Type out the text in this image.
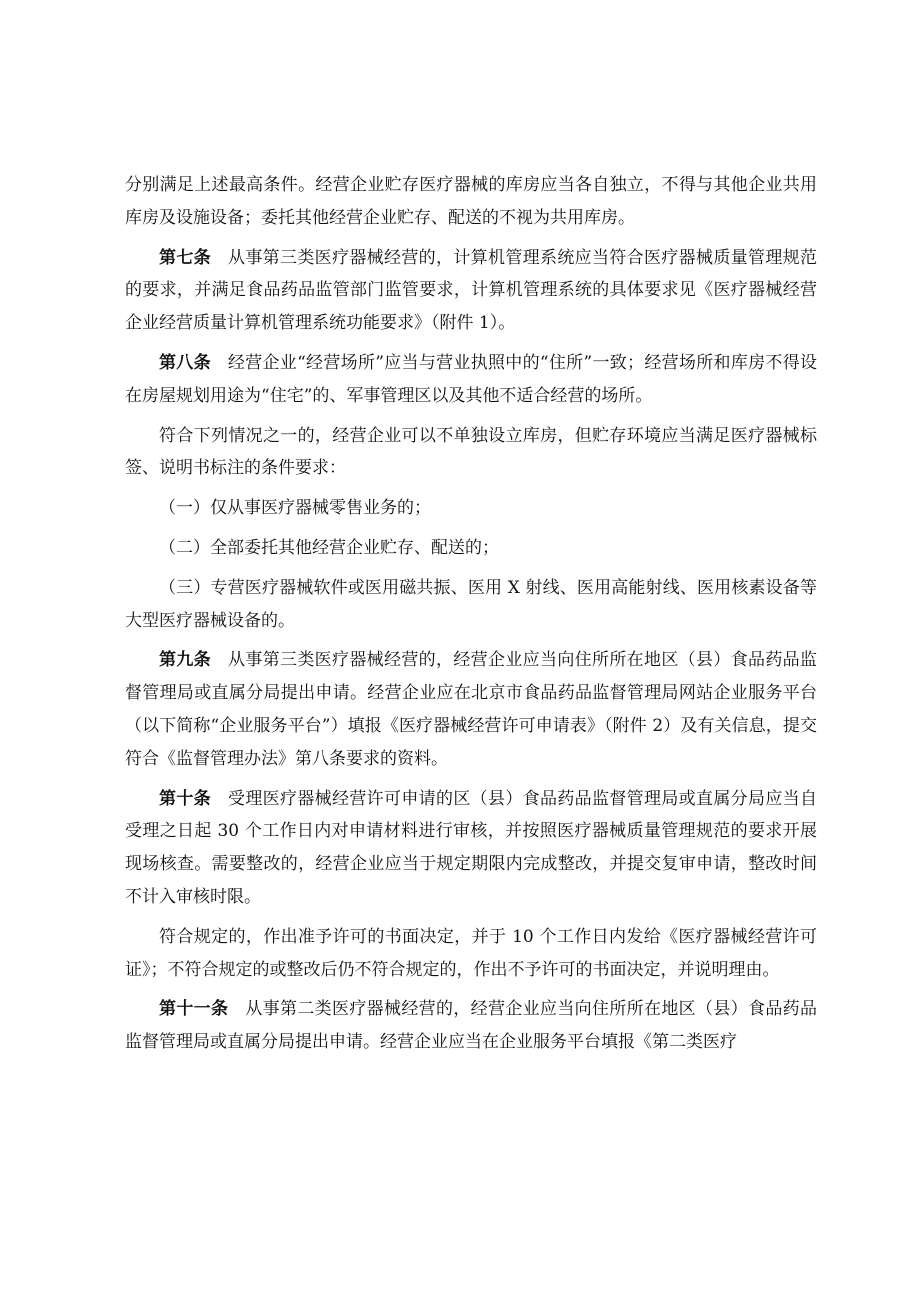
分别满足上述最高条件。经营企业贮存医疗器械的库房应当各自独立，不得与其他企业共用库房及设施设备；委托其他经营企业贮存、配送的不视为共用库房。

第七条 从事第三类医疗器械经营的，计算机管理系统应当符合医疗器械质量管理规范的要求，并满足食品药品监管部门监管要求，计算机管理系统的具体要求见《医疗器械经营企业经营质量计算机管理系统功能要求》（附件 1）。

第八条 经营企业“经营场所”应当与营业执照中的“住所”一致；经营场所和库房不得设在房屋规划用途为“住宅”的、军事管理区以及其他不适合经营的场所。

符合下列情况之一的，经营企业可以不单独设立库房，但贮存环境应当满足医疗器械标签、说明书标注的条件要求：

（一）仅从事医疗器械零售业务的；

（二）全部委托其他经营企业贮存、配送的；

（三）专营医疗器械软件或医用磁共振、医用 X 射线、医用高能射线、医用核素设备等大型医疗器械设备的。

第九条 从事第三类医疗器械经营的，经营企业应当向住所所在地区（县）食品药品监督管理局或直属分局提出申请。经营企业应在北京市食品药品监督管理局网站企业服务平台（以下简称“企业服务平台”）填报《医疗器械经营许可申请表》（附件 2）及有关信息，提交符合《监督管理办法》第八条要求的资料。

第十条 受理医疗器械经营许可申请的区（县）食品药品监督管理局或直属分局应当自受理之日起 30 个工作日内对申请材料进行审核，并按照医疗器械质量管理规范的要求开展现场核查。需要整改的，经营企业应当于规定期限内完成整改，并提交复审申请，整改时间不计入审核时限。

符合规定的，作出准予许可的书面决定，并于 10 个工作日内发给《医疗器械经营许可证》；不符合规定的或整改后仍不符合规定的，作出不予许可的书面决定，并说明理由。

第十一条 从事第二类医疗器械经营的，经营企业应当向住所所在地区（县）食品药品监督管理局或直属分局提出申请。经营企业应当在企业服务平台填报《第二类医疗
